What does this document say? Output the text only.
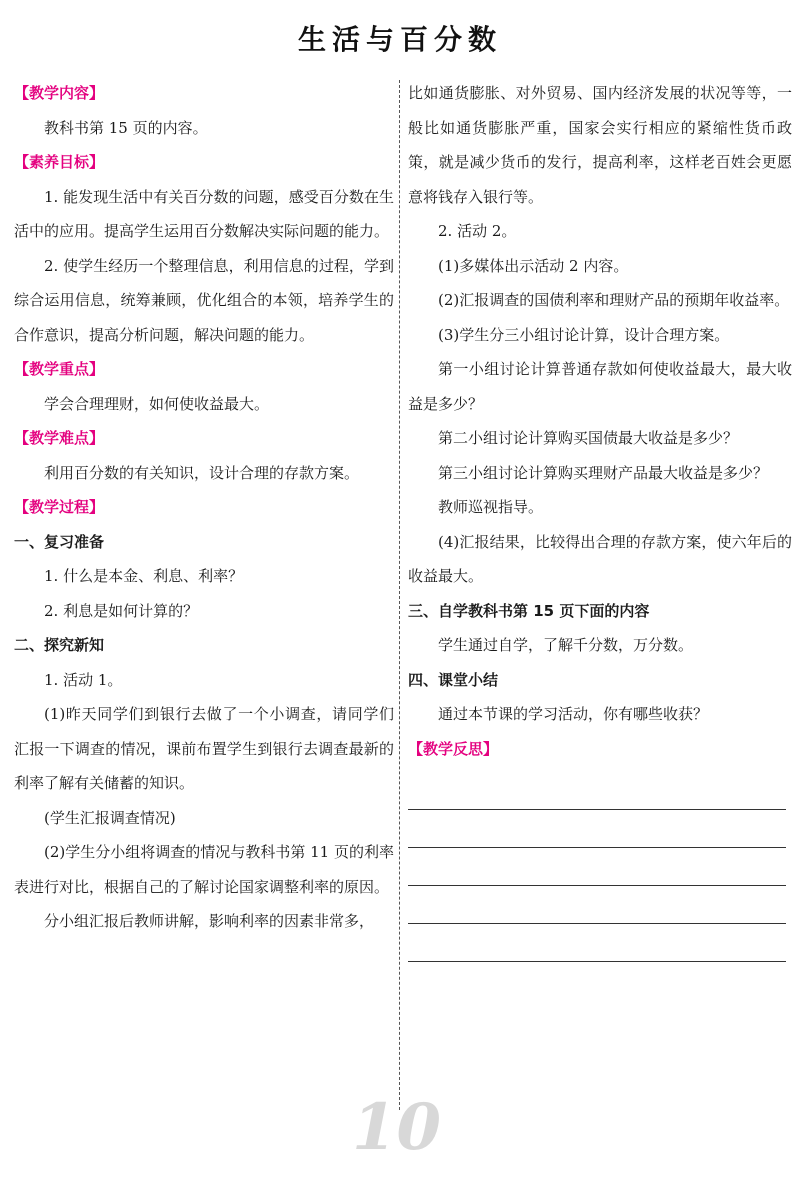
生活与百分数

【教学内容】

教科书第 15 页的内容。

【素养目标】

1. 能发现生活中有关百分数的问题，感受百分数在生活中的应用。提高学生运用百分数解决实际问题的能力。

2. 使学生经历一个整理信息，利用信息的过程，学到综合运用信息，统筹兼顾，优化组合的本领，培养学生的合作意识，提高分析问题，解决问题的能力。

【教学重点】

学会合理理财，如何使收益最大。

【教学难点】

利用百分数的有关知识，设计合理的存款方案。

【教学过程】

一、复习准备

1. 什么是本金、利息、利率？

2. 利息是如何计算的？

二、探究新知

1. 活动 1。

(1)昨天同学们到银行去做了一个小调查，请同学们汇报一下调查的情况，课前布置学生到银行去调查最新的利率了解有关储蓄的知识。

(学生汇报调查情况)

(2)学生分小组将调查的情况与教科书第 11 页的利率表进行对比，根据自己的了解讨论国家调整利率的原因。

分小组汇报后教师讲解，影响利率的因素非常多，

比如通货膨胀、对外贸易、国内经济发展的状况等等，一般比如通货膨胀严重，国家会实行相应的紧缩性货币政策，就是减少货币的发行，提高利率，这样老百姓会更愿意将钱存入银行等。

2. 活动 2。

(1)多媒体出示活动 2 内容。

(2)汇报调查的国债利率和理财产品的预期年收益率。

(3)学生分三小组讨论计算，设计合理方案。

第一小组讨论计算普通存款如何使收益最大，最大收益是多少？

第二小组讨论计算购买国债最大收益是多少？

第三小组讨论计算购买理财产品最大收益是多少？

教师巡视指导。

(4)汇报结果，比较得出合理的存款方案，使六年后的收益最大。

三、自学教科书第 15 页下面的内容

学生通过自学，了解千分数，万分数。

四、课堂小结

通过本节课的学习活动，你有哪些收获？

【教学反思】

10
